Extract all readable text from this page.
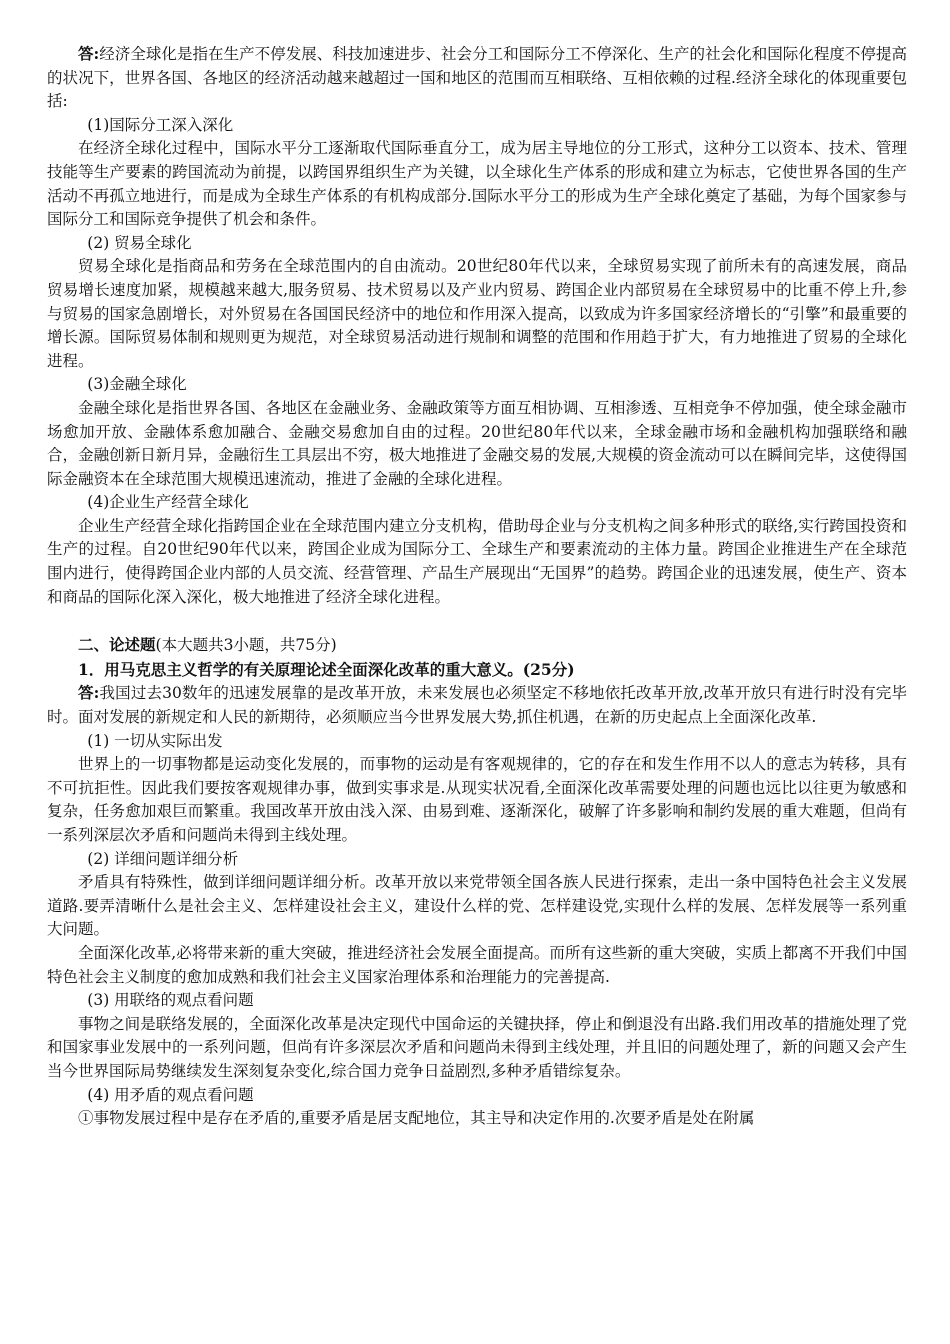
答:经济全球化是指在生产不停发展、科技加速进步、社会分工和国际分工不停深化、生产的社会化和国际化程度不停提高的状况下，世界各国、各地区的经济活动越来越超过一国和地区的范围而互相联络、互相依赖的过程.经济全球化的体现重要包括:

(1)国际分工深入深化

在经济全球化过程中，国际水平分工逐渐取代国际垂直分工，成为居主导地位的分工形式，这种分工以资本、技术、管理技能等生产要素的跨国流动为前提，以跨国界组织生产为关键，以全球化生产体系的形成和建立为标志，它使世界各国的生产活动不再孤立地进行，而是成为全球生产体系的有机构成部分.国际水平分工的形成为生产全球化奠定了基础，为每个国家参与国际分工和国际竞争提供了机会和条件。

(2) 贸易全球化

贸易全球化是指商品和劳务在全球范围内的自由流动。20世纪80年代以来，全球贸易实现了前所未有的高速发展，商品贸易增长速度加紧，规模越来越大,服务贸易、技术贸易以及产业内贸易、跨国企业内部贸易在全球贸易中的比重不停上升,参与贸易的国家急剧增长，对外贸易在各国国民经济中的地位和作用深入提高，以致成为许多国家经济增长的“引擎”和最重要的增长源。国际贸易体制和规则更为规范，对全球贸易活动进行规制和调整的范围和作用趋于扩大，有力地推进了贸易的全球化进程。

(3)金融全球化

金融全球化是指世界各国、各地区在金融业务、金融政策等方面互相协调、互相渗透、互相竞争不停加强，使全球金融市场愈加开放、金融体系愈加融合、金融交易愈加自由的过程。20世纪80年代以来，全球金融市场和金融机构加强联络和融合，金融创新日新月异，金融衍生工具层出不穷，极大地推进了金融交易的发展,大规模的资金流动可以在瞬间完毕，这使得国际金融资本在全球范围大规模迅速流动，推进了金融的全球化进程。

(4)企业生产经营全球化

企业生产经营全球化指跨国企业在全球范围内建立分支机构，借助母企业与分支机构之间多种形式的联络,实行跨国投资和生产的过程。自20世纪90年代以来，跨国企业成为国际分工、全球生产和要素流动的主体力量。跨国企业推进生产在全球范围内进行，使得跨国企业内部的人员交流、经营管理、产品生产展现出“无国界”的趋势。跨国企业的迅速发展，使生产、资本和商品的国际化深入深化，极大地推进了经济全球化进程。

二、论述题(本大题共3小题，共75分)

1．用马克思主义哲学的有关原理论述全面深化改革的重大意义。(25分)

答:我国过去30数年的迅速发展靠的是改革开放，未来发展也必须坚定不移地依托改革开放,改革开放只有进行时没有完毕时。面对发展的新规定和人民的新期待，必须顺应当今世界发展大势,抓住机遇，在新的历史起点上全面深化改革.

(1) 一切从实际出发

世界上的一切事物都是运动变化发展的，而事物的运动是有客观规律的，它的存在和发生作用不以人的意志为转移，具有不可抗拒性。因此我们要按客观规律办事，做到实事求是.从现实状况看,全面深化改革需要处理的问题也远比以往更为敏感和复杂，任务愈加艰巨而繁重。我国改革开放由浅入深、由易到难、逐渐深化，破解了许多影响和制约发展的重大难题，但尚有一系列深层次矛盾和问题尚未得到主线处理。

(2) 详细问题详细分析

矛盾具有特殊性，做到详细问题详细分析。改革开放以来党带领全国各族人民进行探索，走出一条中国特色社会主义发展道路.要弄清晰什么是社会主义、怎样建设社会主义，建设什么样的党、怎样建设党,实现什么样的发展、怎样发展等一系列重大问题。

全面深化改革,必将带来新的重大突破，推进经济社会发展全面提高。而所有这些新的重大突破，实质上都离不开我们中国特色社会主义制度的愈加成熟和我们社会主义国家治理体系和治理能力的完善提高.

(3) 用联络的观点看问题

事物之间是联络发展的，全面深化改革是决定现代中国命运的关键抉择，停止和倒退没有出路.我们用改革的措施处理了党和国家事业发展中的一系列问题，但尚有许多深层次矛盾和问题尚未得到主线处理，并且旧的问题处理了，新的问题又会产生当今世界国际局势继续发生深刻复杂变化,综合国力竞争日益剧烈,多种矛盾错综复杂。

(4) 用矛盾的观点看问题

①事物发展过程中是存在矛盾的,重要矛盾是居支配地位，其主导和决定作用的.次要矛盾是处在附属
